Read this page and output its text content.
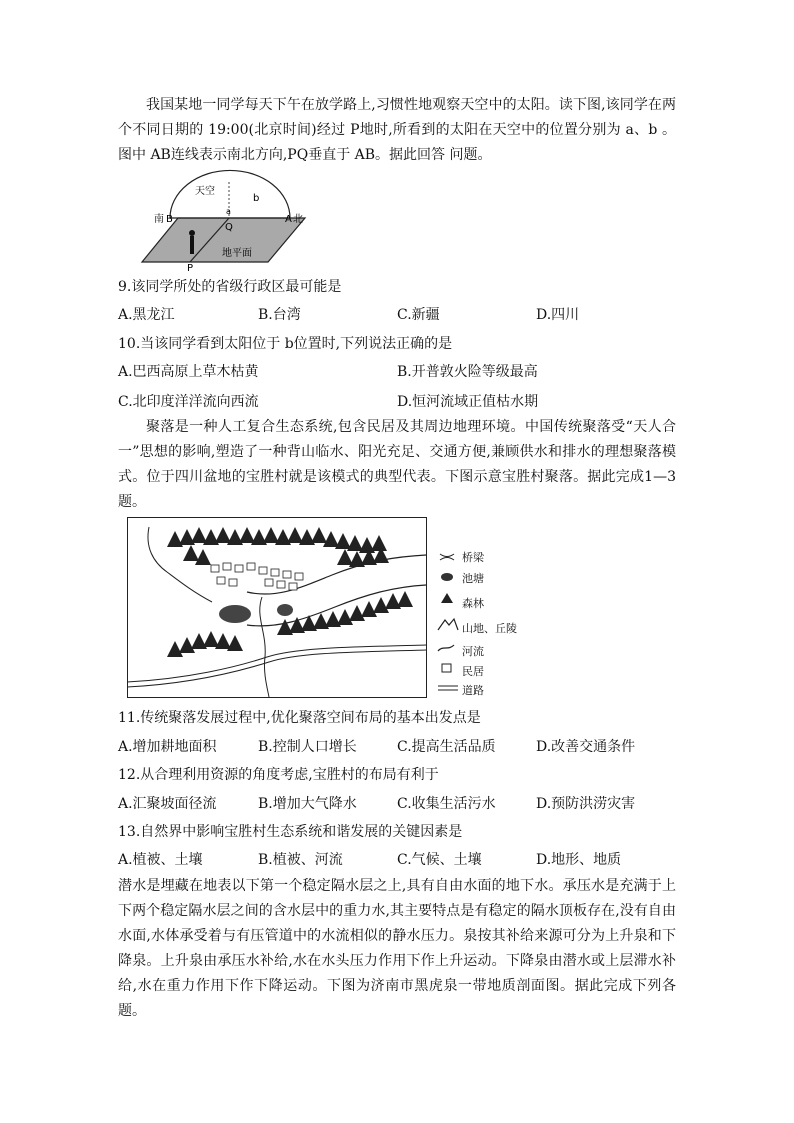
我国某地一同学每天下午在放学路上,习惯性地观察天空中的太阳。读下图,该同学在两个不同日期的 19:00(北京时间)经过 P地时,所看到的太阳在天空中的位置分别为 a、b 。图中 AB连线表示南北方向,PQ垂直于 AB。据此回答 问题。
天空
a
b
南 B
Q
A 北
地平面
P
9.该同学所处的省级行政区最可能是
A.黑龙江	B.台湾	C.新疆	D.四川
10.当该同学看到太阳位于 b位置时,下列说法正确的是
A.巴西高原上草木枯黄	B.开普敦火险等级最高
C.北印度洋洋流向西流	D.恒河流域正值枯水期
聚落是一种人工复合生态系统,包含民居及其周边地理环境。中国传统聚落受“天人合一”思想的影响,塑造了一种背山临水、阳光充足、交通方便,兼顾供水和排水的理想聚落模式。位于四川盆地的宝胜村就是该模式的典型代表。下图示意宝胜村聚落。据此完成1—3题。
桥梁
池塘
森林
山地、丘陵
河流
民居
道路
11.传统聚落发展过程中,优化聚落空间布局的基本出发点是
A.增加耕地面积	B.控制人口增长	C.提高生活品质	D.改善交通条件
12.从合理利用资源的角度考虑,宝胜村的布局有利于
A.汇聚坡面径流	B.增加大气降水	C.收集生活污水	D.预防洪涝灾害
13.自然界中影响宝胜村生态系统和谐发展的关键因素是
A.植被、土壤	B.植被、河流	C.气候、土壤	D.地形、地质
潜水是埋藏在地表以下第一个稳定隔水层之上,具有自由水面的地下水。承压水是充满于上下两个稳定隔水层之间的含水层中的重力水,其主要特点是有稳定的隔水顶板存在,没有自由水面,水体承受着与有压管道中的水流相似的静水压力。泉按其补给来源可分为上升泉和下降泉。上升泉由承压水补给,水在水头压力作用下作上升运动。下降泉由潜水或上层滞水补给,水在重力作用下作下降运动。下图为济南市黑虎泉一带地质剖面图。据此完成下列各题。
